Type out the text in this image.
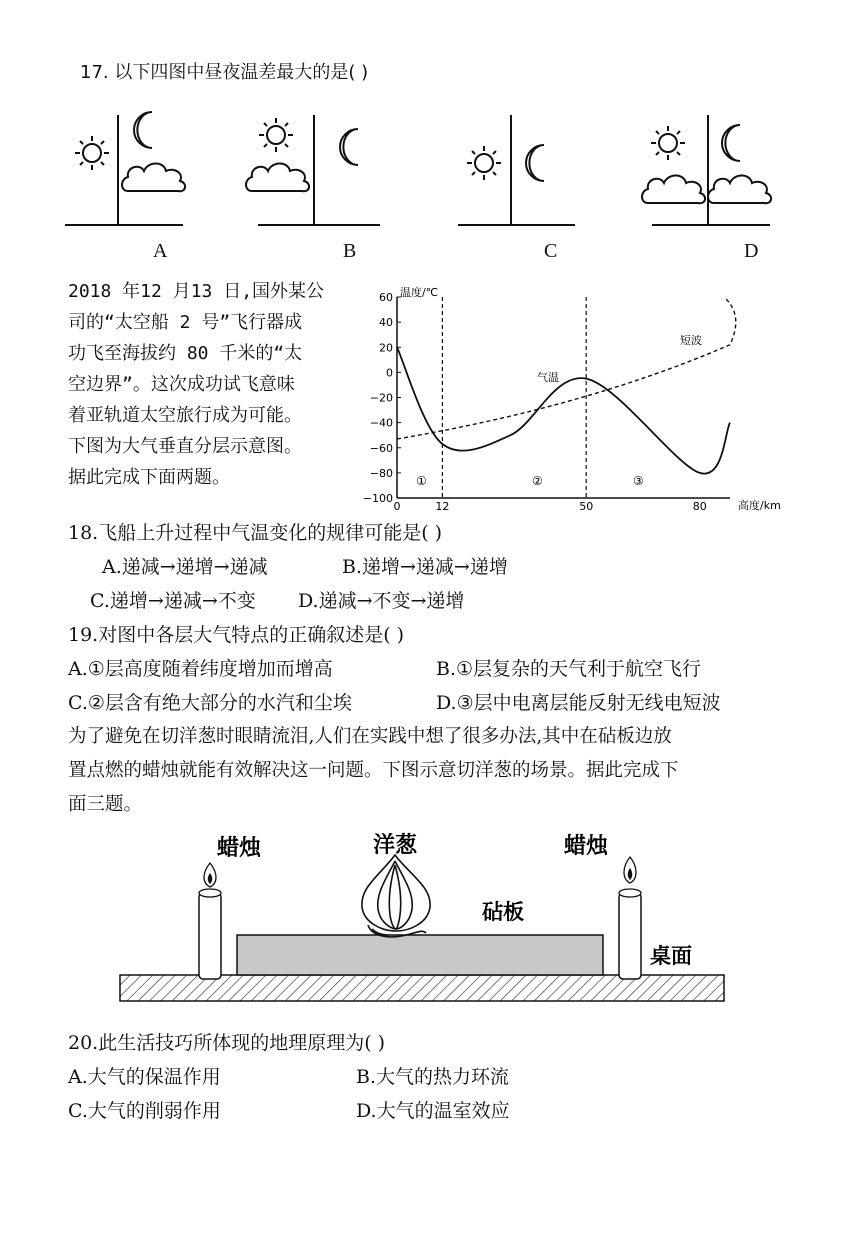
17. 以下四图中昼夜温差最大的是( )
A	B	C	D
2018 年12 月13 日,国外某公
司的“太空船 2 号”飞行器成
功飞至海拔约 80 千米的“太
空边界”。这次成功试飞意味
着亚轨道太空旅行成为可能。
下图为大气垂直分层示意图。
据此完成下面两题。
温度/℃
高度/km
60
40
20
0
−20
−40
−60
−80
−100
0	12	50	80
气温
短波
①	②	③
18.飞船上升过程中气温变化的规律可能是( )
A.递减→递增→递减	B.递增→递减→递增
C.递增→递减→不变 D.递减→不变→递增
19.对图中各层大气特点的正确叙述是( )
A.①层高度随着纬度增加而增高	B.①层复杂的天气利于航空飞行
C.②层含有绝大部分的水汽和尘埃	D.③层中电离层能反射无线电短波
为了避免在切洋葱时眼睛流泪,人们在实践中想了很多办法,其中在砧板边放
置点燃的蜡烛就能有效解决这一问题。下图示意切洋葱的场景。据此完成下
面三题。
蜡烛	洋葱	蜡烛
砧板
桌面
20.此生活技巧所体现的地理原理为( )
A.大气的保温作用	B.大气的热力环流
C.大气的削弱作用	D.大气的温室效应
